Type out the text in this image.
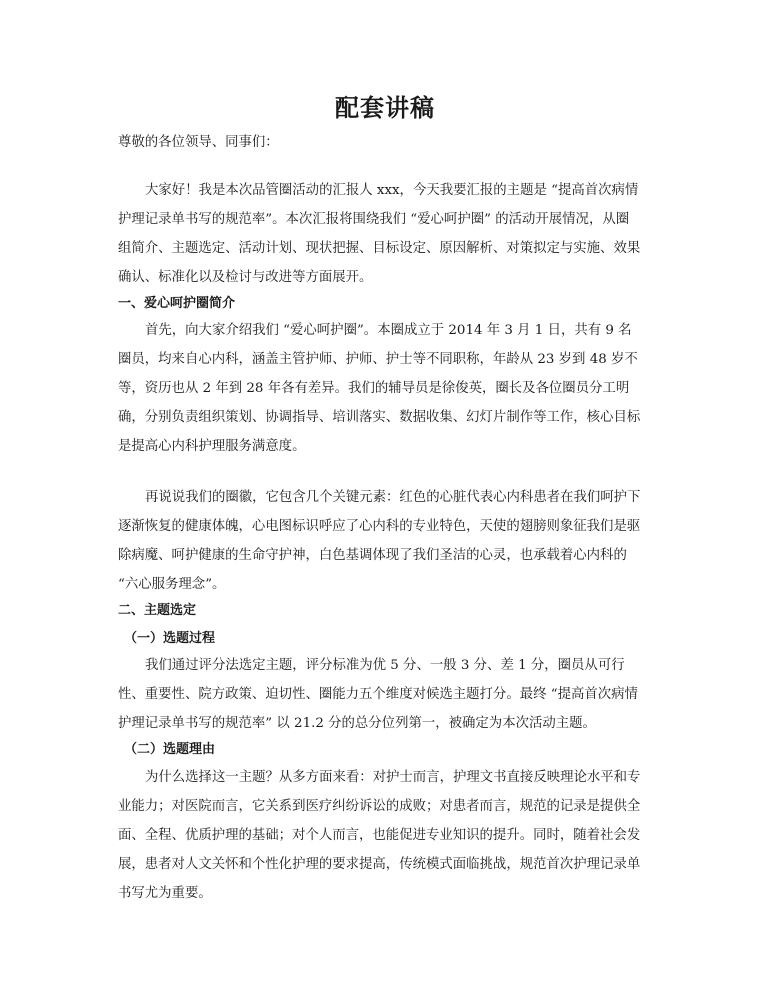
配套讲稿
尊敬的各位领导、同事们：
大家好！我是本次品管圈活动的汇报人 xxx，今天我要汇报的主题是 “提高首次病情
护理记录单书写的规范率”。本次汇报将围绕我们 “爱心呵护圈” 的活动开展情况，从圈
组简介、主题选定、活动计划、现状把握、目标设定、原因解析、对策拟定与实施、效果
确认、标准化以及检讨与改进等方面展开。
一、爱心呵护圈简介
首先，向大家介绍我们 “爱心呵护圈”。本圈成立于 2014 年 3 月 1 日，共有 9 名
圈员，均来自心内科，涵盖主管护师、护师、护士等不同职称，年龄从 23 岁到 48 岁不
等，资历也从 2 年到 28 年各有差异。我们的辅导员是徐俊英，圈长及各位圈员分工明
确，分别负责组织策划、协调指导、培训落实、数据收集、幻灯片制作等工作，核心目标
是提高心内科护理服务满意度。
再说说我们的圈徽，它包含几个关键元素：红色的心脏代表心内科患者在我们呵护下
逐渐恢复的健康体魄，心电图标识呼应了心内科的专业特色，天使的翅膀则象征我们是驱
除病魔、呵护健康的生命守护神，白色基调体现了我们圣洁的心灵，也承载着心内科的
“六心服务理念”。
二、主题选定
（一）选题过程
我们通过评分法选定主题，评分标准为优 5 分、一般 3 分、差 1 分，圈员从可行
性、重要性、院方政策、迫切性、圈能力五个维度对候选主题打分。最终 “提高首次病情
护理记录单书写的规范率” 以 21.2 分的总分位列第一，被确定为本次活动主题。
（二）选题理由
为什么选择这一主题？从多方面来看：对护士而言，护理文书直接反映理论水平和专
业能力；对医院而言，它关系到医疗纠纷诉讼的成败；对患者而言，规范的记录是提供全
面、全程、优质护理的基础；对个人而言，也能促进专业知识的提升。同时，随着社会发
展，患者对人文关怀和个性化护理的要求提高，传统模式面临挑战，规范首次护理记录单
书写尤为重要。
